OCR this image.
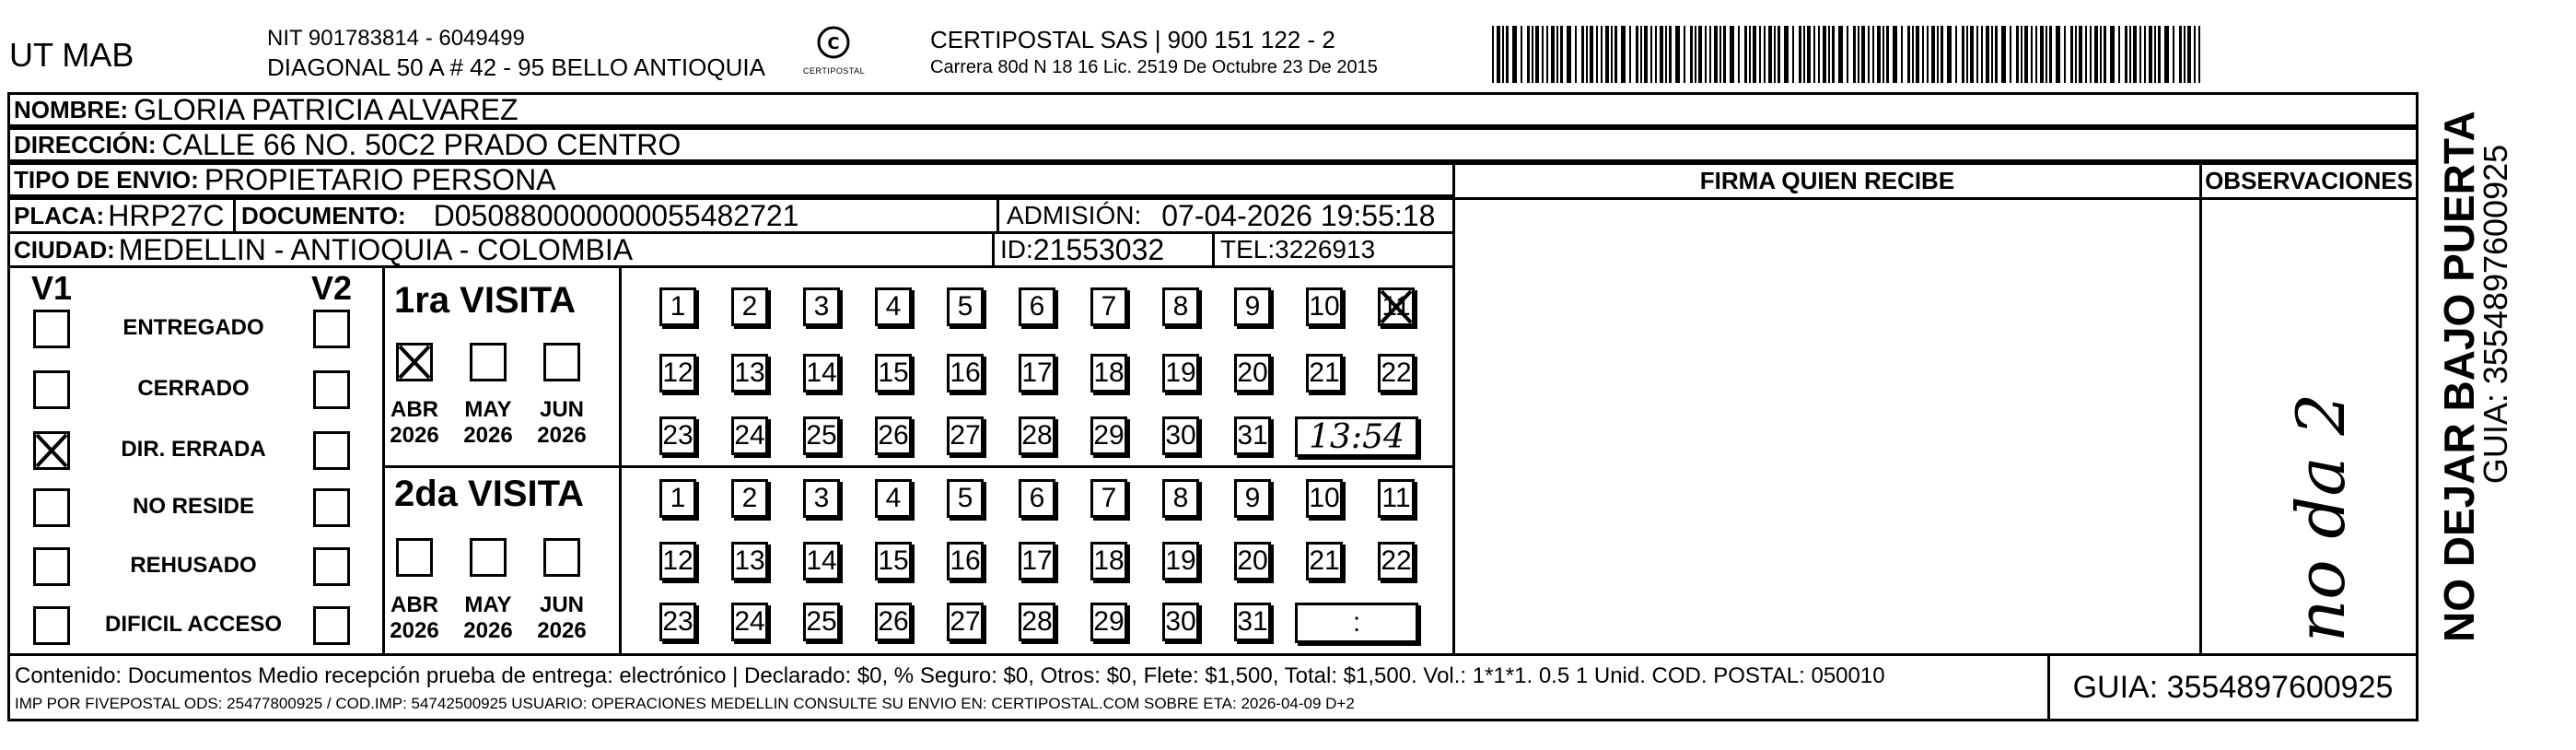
UT MAB	NIT 901783814 - 6049499
DIAGONAL 50 A # 42 - 95 BELLO ANTIOQUIA
C
CERTIPOSTAL
CERTIPOSTAL SAS | 900 151 122 - 2
Carrera 80d N 18 16 Lic. 2519 De Octubre 23 De 2015
NOMBRE: GLORIA PATRICIA ALVAREZ
DIRECCIÓN: CALLE 66 NO. 50C2 PRADO CENTRO
TIPO DE ENVIO: PROPIETARIO PERSONA
PLACA: HRP27C DOCUMENTO: D050880000000055482721	ADMISIÓN: 07-04-2026 19:55:18
CIUDAD: MEDELLIN - ANTIOQUIA - COLOMBIA	ID: 21553032 TEL: 3226913
FIRMA QUIEN RECIBE	OBSERVACIONES
no da 2 NO DEJAR BAJO PUERTA
GUIA: 3554897600925
V1	V2
ENTREGADO
CERRADO
DIR. ERRADA
NO RESIDE
REHUSADO
DIFICIL ACCESO
1ra VISITA
2da VISITA
ABR
2026
MAY
2026
JUN
2026
ABR
2026
MAY
2026
JUN
2026
1	2	3	4	5	6	7	8	9	10 11
12 13 14 15 16 17 18 19 20 21 22
23 24 25 26 27 28 29 30 31	13:54
1	2	3	4	5	6	7	8	9	10 11
12 13 14 15 16 17 18 19 20 21 22
23 24 25 26 27 28 29 30 31	:
Contenido: Documentos Medio recepción prueba de entrega: electrónico | Declarado: $0, % Seguro: $0, Otros: $0, Flete: $1,500, Total: $1,500. Vol.: 1*1*1. 0.5 1 Unid. COD. POSTAL: 050010
IMP POR FIVEPOSTAL ODS: 25477800925 / COD.IMP: 54742500925 USUARIO: OPERACIONES MEDELLIN CONSULTE SU ENVIO EN: CERTIPOSTAL.COM SOBRE ETA: 2026-04-09 D+2	GUIA: 3554897600925
